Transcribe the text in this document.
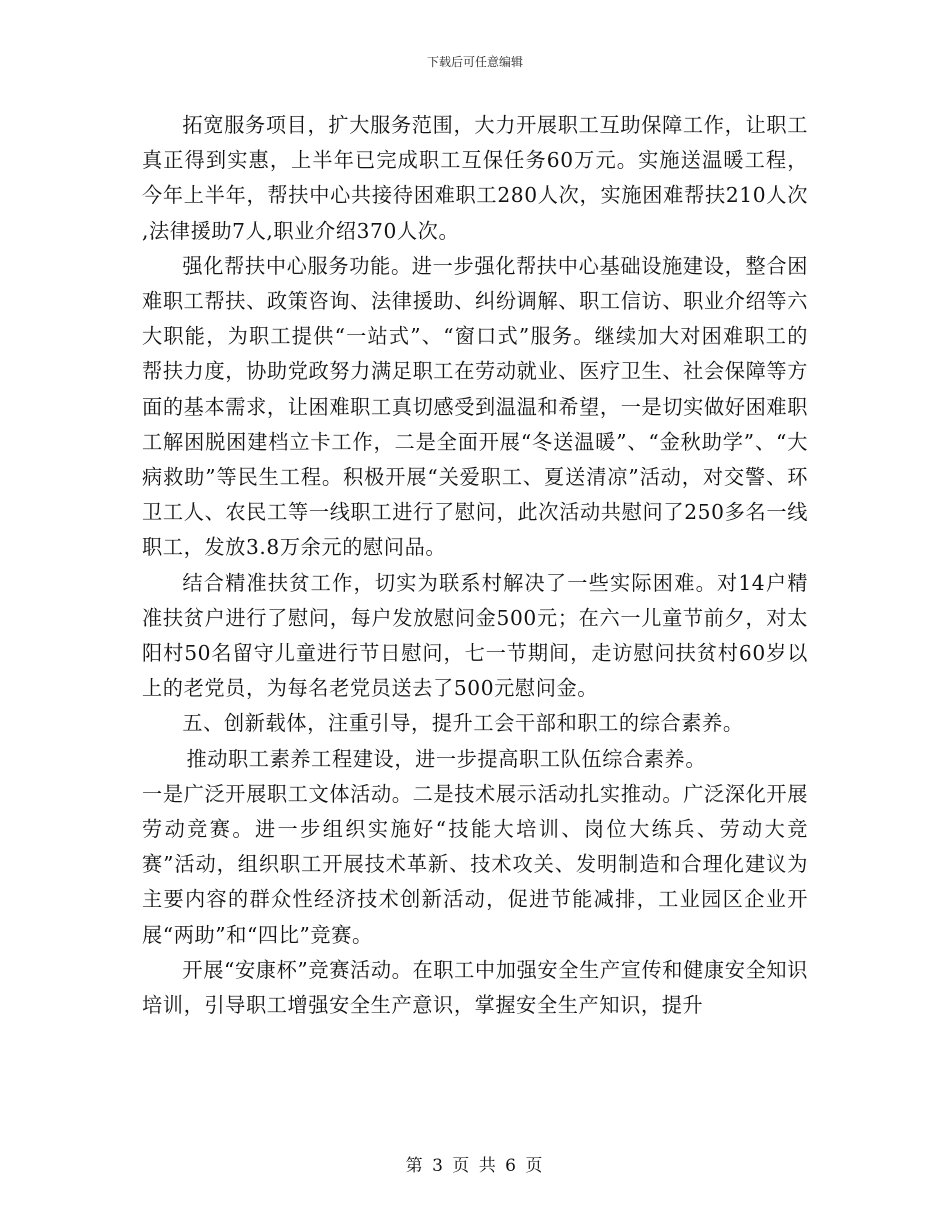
下载后可任意编辑

拓宽服务项目，扩大服务范围，大力开展职工互助保障工作，让职工真正得到实惠，上半年已完成职工互保任务60万元。实施送温暖工程，今年上半年，帮扶中心共接待困难职工280人次，实施困难帮扶210人次 ,法律援助7人,职业介绍370人次。

强化帮扶中心服务功能。进一步强化帮扶中心基础设施建设，整合困难职工帮扶、政策咨询、法律援助、纠纷调解、职工信访、职业介绍等六大职能，为职工提供“一站式”、“窗口式”服务。继续加大对困难职工的帮扶力度，协助党政努力满足职工在劳动就业、医疗卫生、社会保障等方面的基本需求，让困难职工真切感受到温温和希望，一是切实做好困难职工解困脱困建档立卡工作，二是全面开展“冬送温暖”、“金秋助学”、“大病救助”等民生工程。积极开展“关爱职工、夏送清凉”活动，对交警、环卫工人、农民工等一线职工进行了慰问，此次活动共慰问了250多名一线职工，发放3.8万余元的慰问品。

结合精准扶贫工作，切实为联系村解决了一些实际困难。对14户精准扶贫户进行了慰问，每户发放慰问金500元；在六一儿童节前夕，对太阳村50名留守儿童进行节日慰问，七一节期间，走访慰问扶贫村60岁以上的老党员，为每名老党员送去了500元慰问金。

五、创新载体，注重引导，提升工会干部和职工的综合素养。

推动职工素养工程建设，进一步提高职工队伍综合素养。

一是广泛开展职工文体活动。二是技术展示活动扎实推动。广泛深化开展劳动竞赛。进一步组织实施好“技能大培训、岗位大练兵、劳动大竞赛”活动，组织职工开展技术革新、技术攻关、发明制造和合理化建议为主要内容的群众性经济技术创新活动，促进节能减排，工业园区企业开展“两助”和“四比”竞赛。

开展“安康杯”竞赛活动。在职工中加强安全生产宣传和健康安全知识培训，引导职工增强安全生产意识，掌握安全生产知识，提升

第 3 页 共 6 页
